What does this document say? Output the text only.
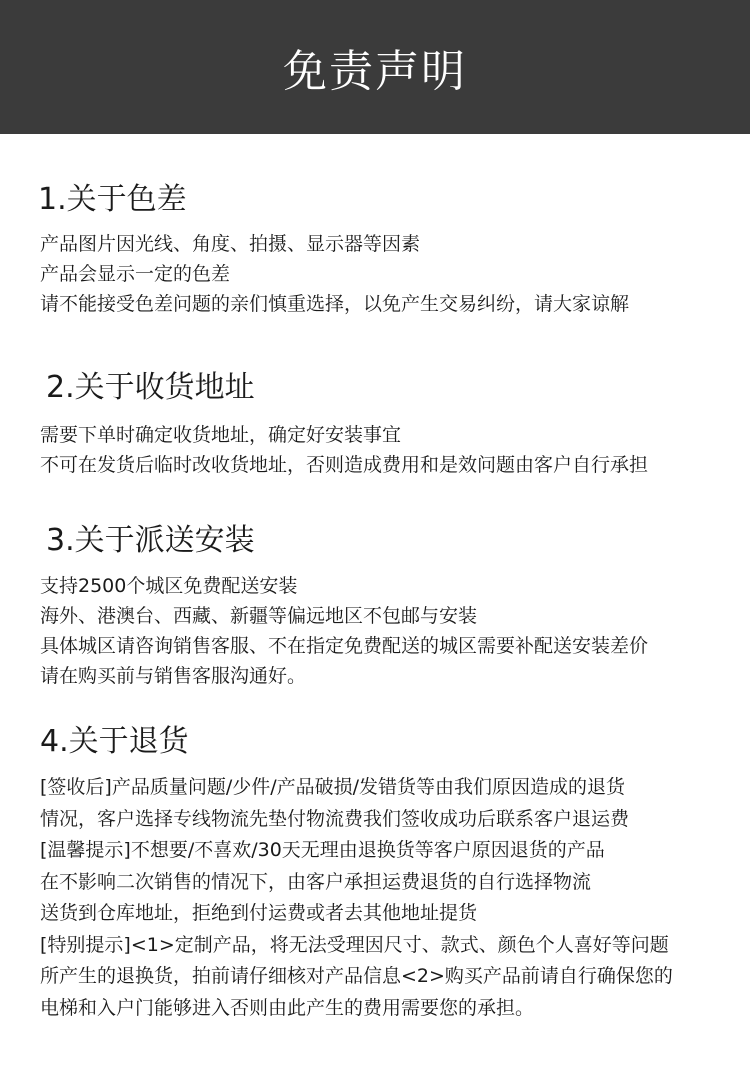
免责声明
1.关于色差
产品图片因光线、角度、拍摄、显示器等因素
产品会显示一定的色差
请不能接受色差问题的亲们慎重选择，以免产生交易纠纷，请大家谅解
2.关于收货地址
需要下单时确定收货地址，确定好安装事宜
不可在发货后临时改收货地址，否则造成费用和是效问题由客户自行承担
3.关于派送安装
支持2500个城区免费配送安装
海外、港澳台、西藏、新疆等偏远地区不包邮与安装
具体城区请咨询销售客服、不在指定免费配送的城区需要补配送安装差价
请在购买前与销售客服沟通好。
4.关于退货
[签收后]产品质量问题/少件/产品破损/发错货等由我们原因造成的退货
情况，客户选择专线物流先垫付物流费我们签收成功后联系客户退运费
[温馨提示]不想要/不喜欢/30天无理由退换货等客户原因退货的产品
在不影响二次销售的情况下，由客户承担运费退货的自行选择物流
送货到仓库地址，拒绝到付运费或者去其他地址提货
[特别提示]<1>定制产品，将无法受理因尺寸、款式、颜色个人喜好等问题
所产生的退换货，拍前请仔细核对产品信息<2>购买产品前请自行确保您的
电梯和入户门能够进入否则由此产生的费用需要您的承担。
